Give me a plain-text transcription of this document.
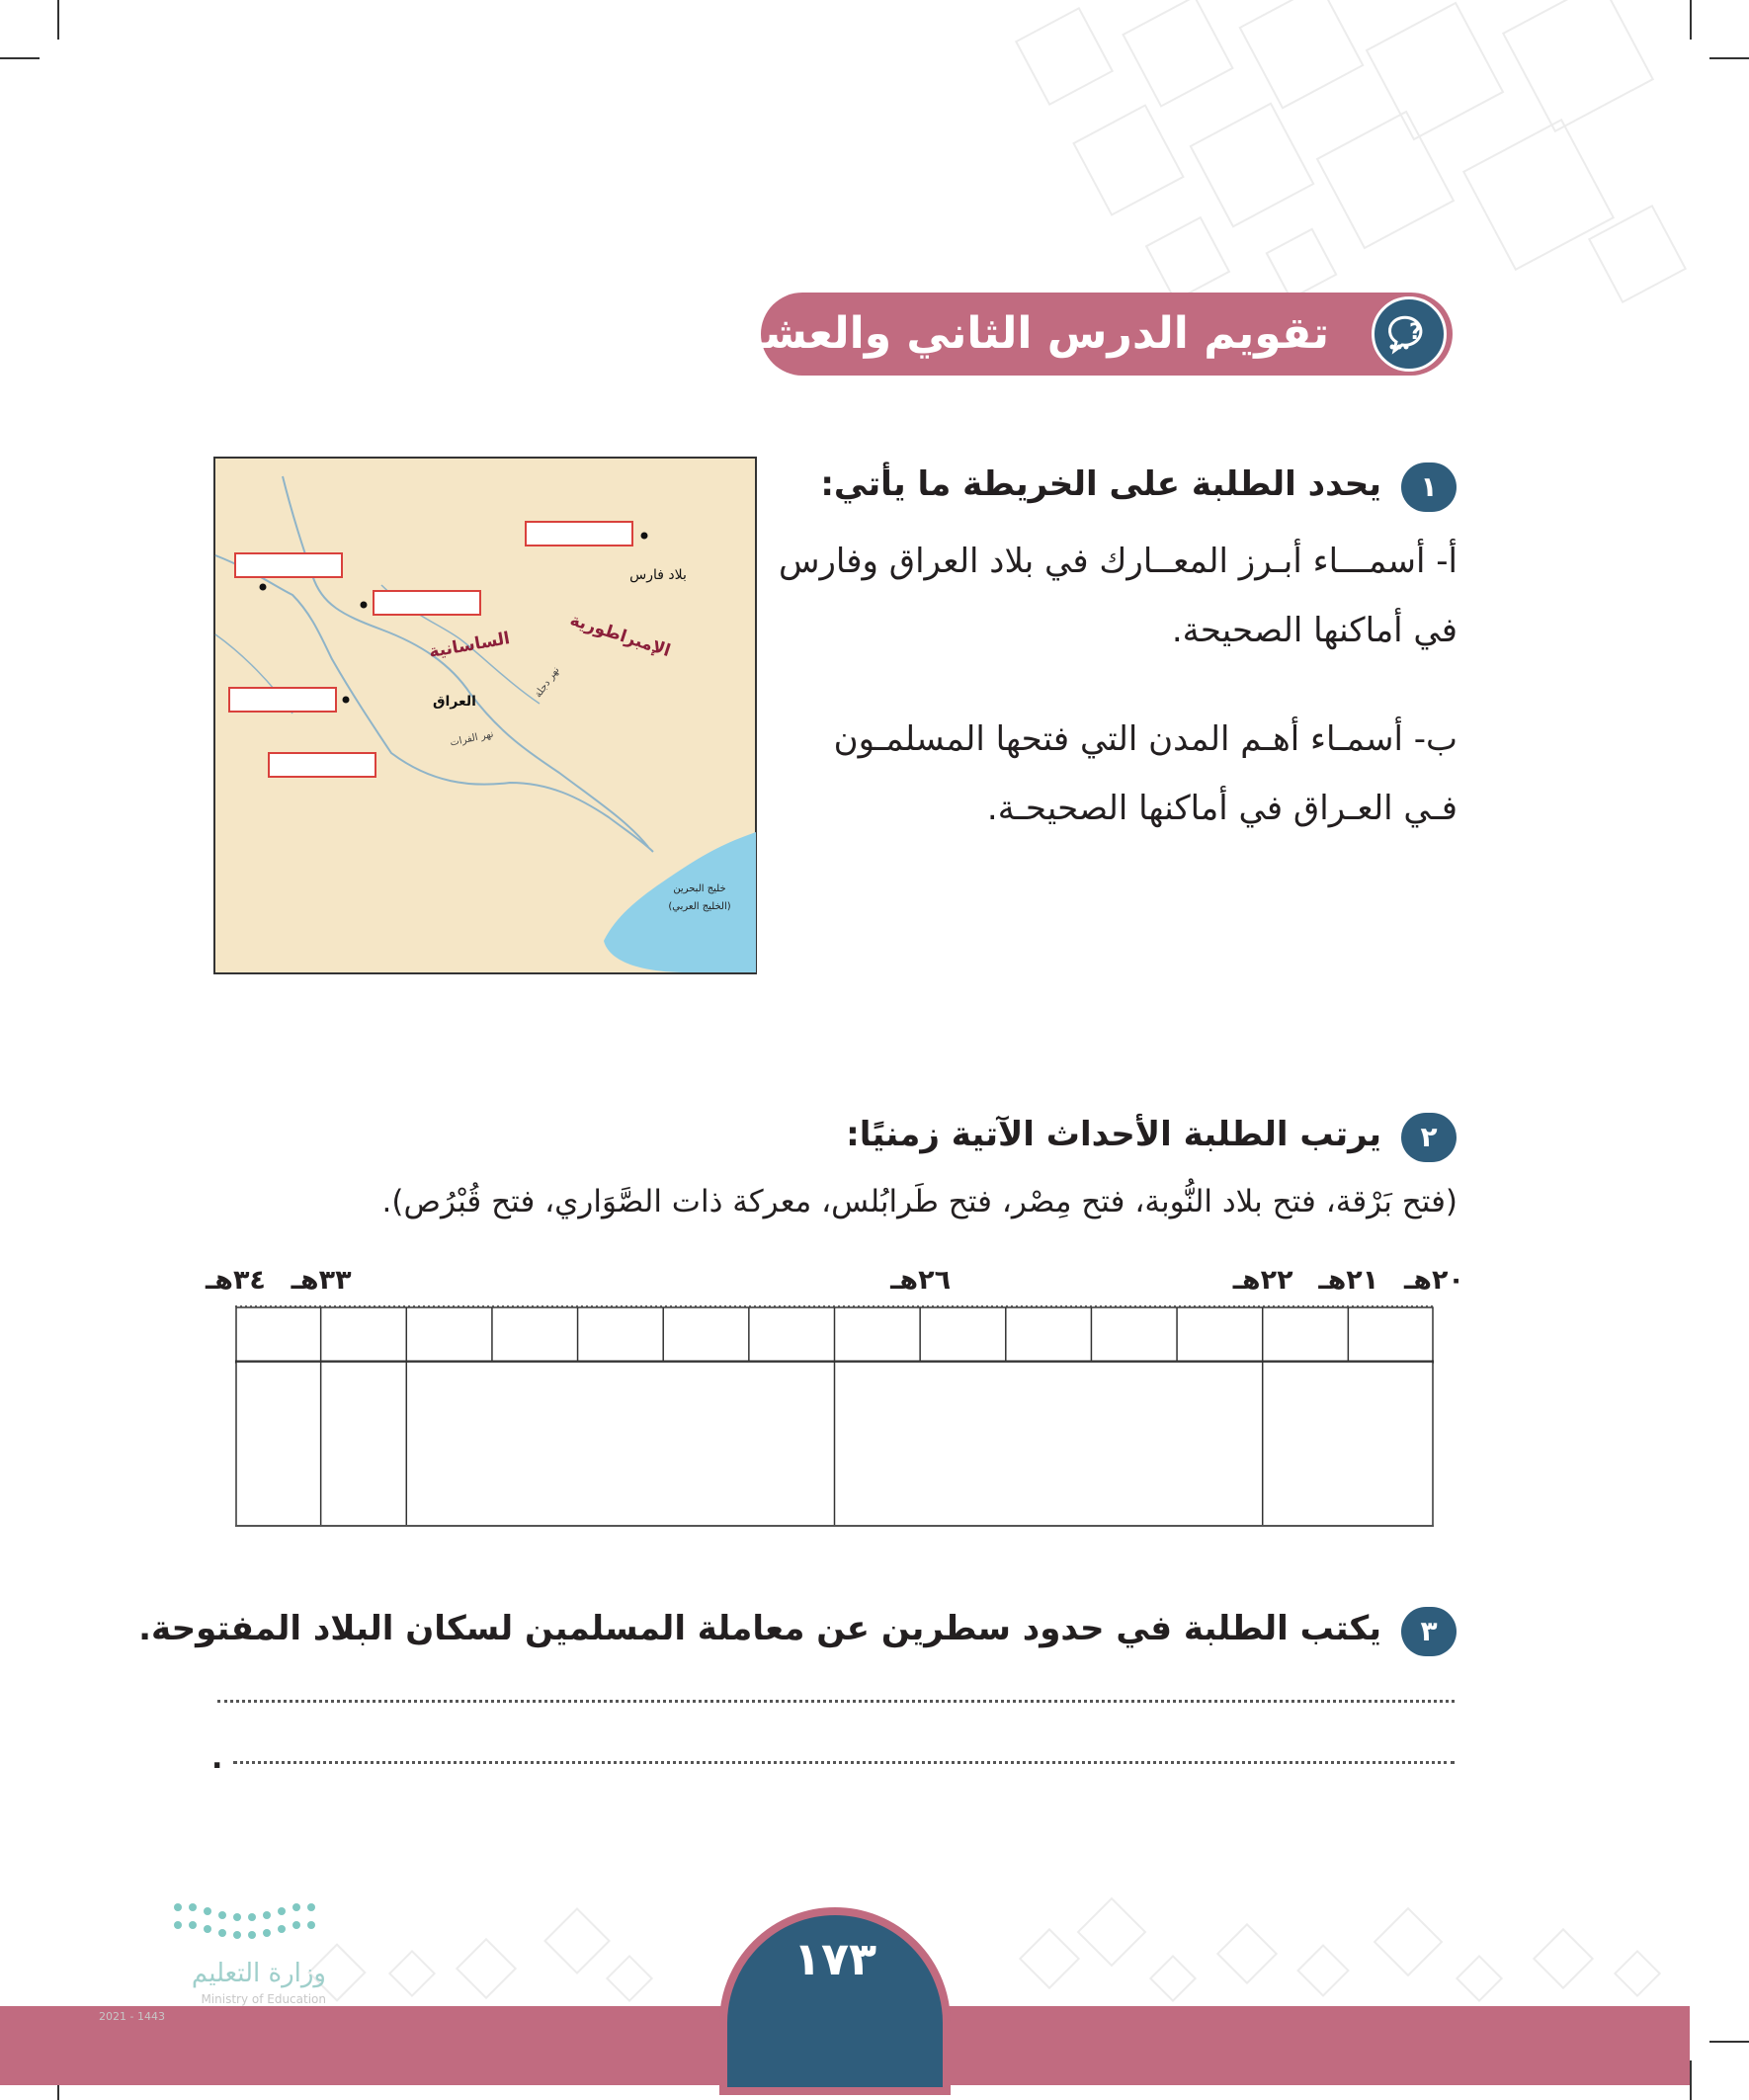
تقويم الدرس الثاني والعشرين	?
١
يحدد الطلبة على الخريطة ما يأتي:
أ- أسمـــاء أبـرز المعــارك في بلاد العراق وفارس
في أماكنها الصحيحة.
ب- أسمـاء أهـم المدن التي فتحها المسلمـون
فـي العـراق في أماكنها الصحيحـة.
بلاد فارس
الإمبراطورية
الساسانية
العراق
نهر دجلة
نهر الفرات
خليج البحرين
(الخليج العربي)
٢
يرتب الطلبة الأحداث الآتية زمنيًا:
(فتح بَرْقة، فتح بلاد النُّوبة، فتح مِصْر، فتح طَرابُلس، معركة ذات الصَّوَاري، فتح قُبْرُص).
٢٠هـ
٢١هـ
٢٢هـ
٢٦هـ
٣٣هـ
٣٤هـ
٣
يكتب الطلبة في حدود سطرين عن معاملة المسلمين لسكان البلاد المفتوحة.
.
١٧٣
وزارة التعليم
Ministry of Education
2021 - 1443
